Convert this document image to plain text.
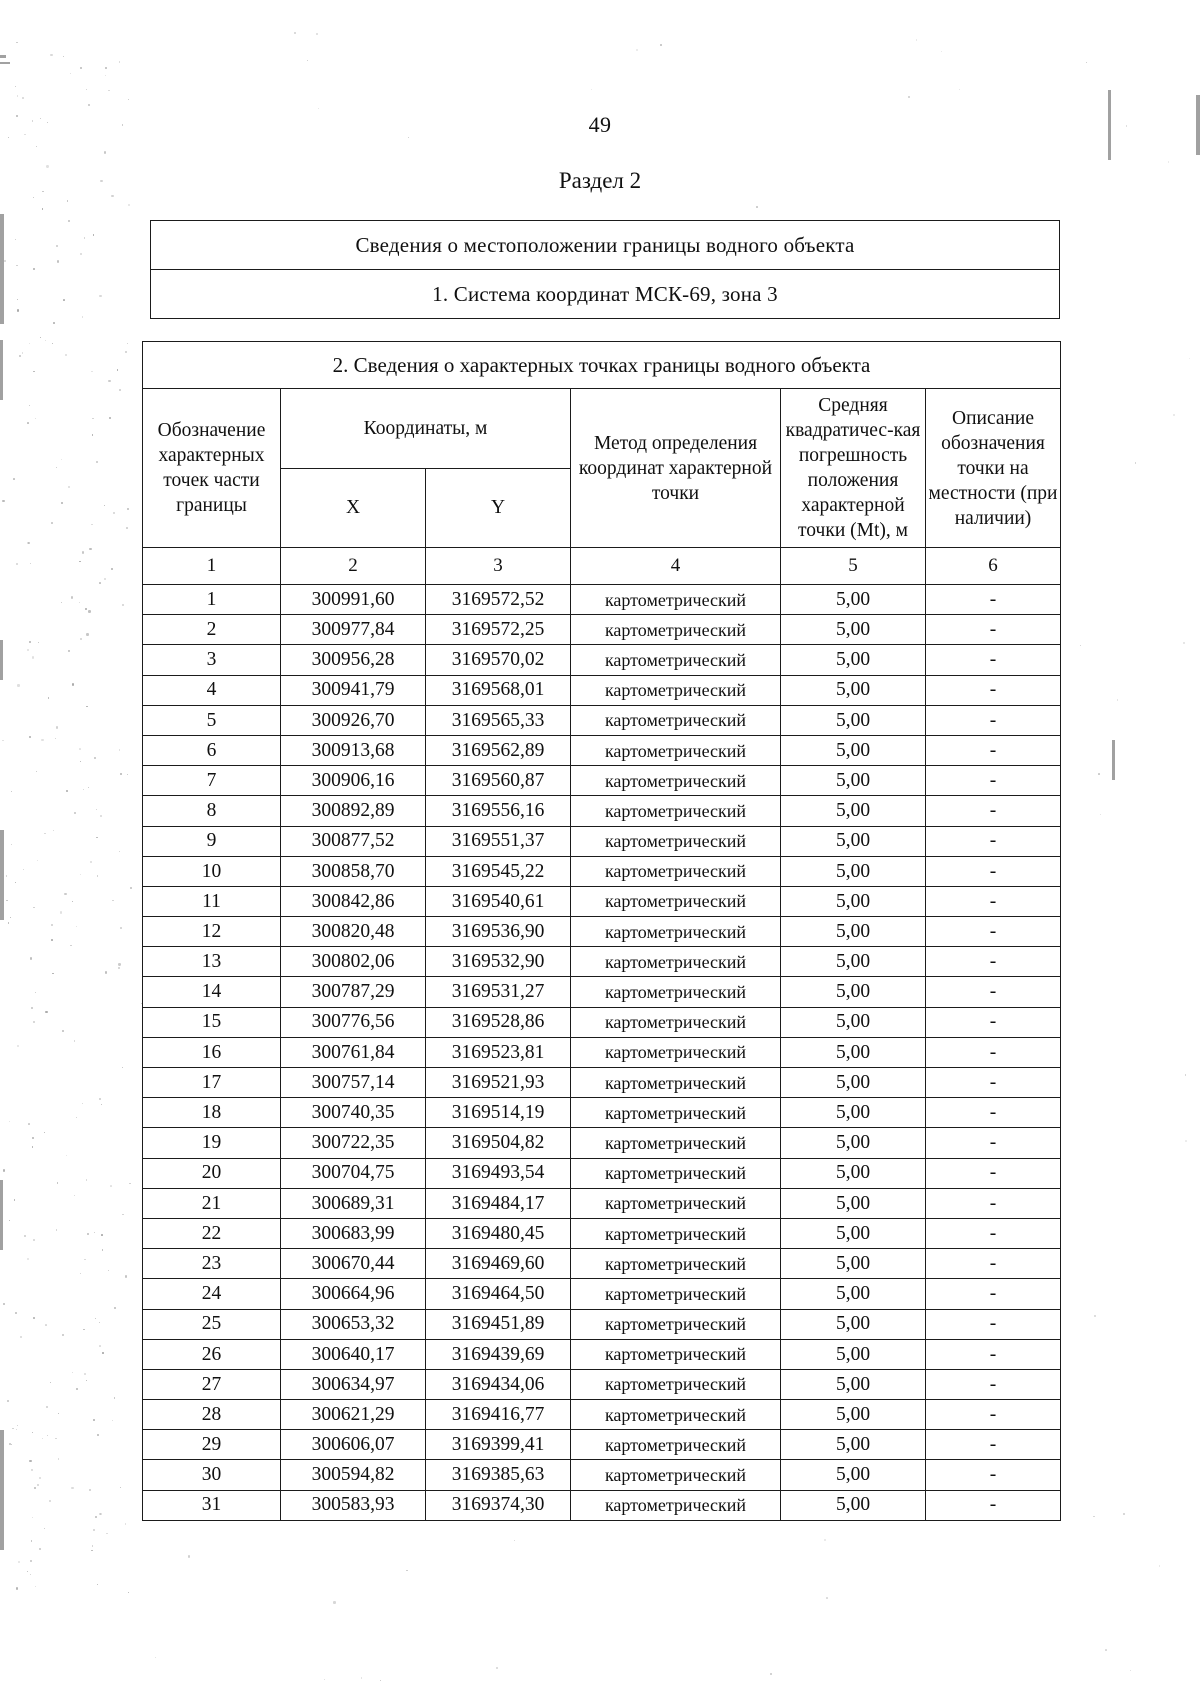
49
Раздел 2
Сведения о местоположении границы водного объекта
1. Система координат МСК-69, зона 3
2. Сведения о характерных точках границы водного объекта					
Обозначение характерных точек части границы	Координаты, м		Метод определения координат характерной точки	Средняя квадратичес-кая погрешность положения характерной точки (Mt), м	Описание обозначения точки на местности (при наличии)
	X	Y			
1	2	3	4	5	6
1	300991,60	3169572,52	картометрический	5,00	-
2	300977,84	3169572,25	картометрический	5,00	-
3	300956,28	3169570,02	картометрический	5,00	-
4	300941,79	3169568,01	картометрический	5,00	-
5	300926,70	3169565,33	картометрический	5,00	-
6	300913,68	3169562,89	картометрический	5,00	-
7	300906,16	3169560,87	картометрический	5,00	-
8	300892,89	3169556,16	картометрический	5,00	-
9	300877,52	3169551,37	картометрический	5,00	-
10	300858,70	3169545,22	картометрический	5,00	-
11	300842,86	3169540,61	картометрический	5,00	-
12	300820,48	3169536,90	картометрический	5,00	-
13	300802,06	3169532,90	картометрический	5,00	-
14	300787,29	3169531,27	картометрический	5,00	-
15	300776,56	3169528,86	картометрический	5,00	-
16	300761,84	3169523,81	картометрический	5,00	-
17	300757,14	3169521,93	картометрический	5,00	-
18	300740,35	3169514,19	картометрический	5,00	-
19	300722,35	3169504,82	картометрический	5,00	-
20	300704,75	3169493,54	картометрический	5,00	-
21	300689,31	3169484,17	картометрический	5,00	-
22	300683,99	3169480,45	картометрический	5,00	-
23	300670,44	3169469,60	картометрический	5,00	-
24	300664,96	3169464,50	картометрический	5,00	-
25	300653,32	3169451,89	картометрический	5,00	-
26	300640,17	3169439,69	картометрический	5,00	-
27	300634,97	3169434,06	картометрический	5,00	-
28	300621,29	3169416,77	картометрический	5,00	-
29	300606,07	3169399,41	картометрический	5,00	-
30	300594,82	3169385,63	картометрический	5,00	-
31	300583,93	3169374,30	картометрический	5,00	-
